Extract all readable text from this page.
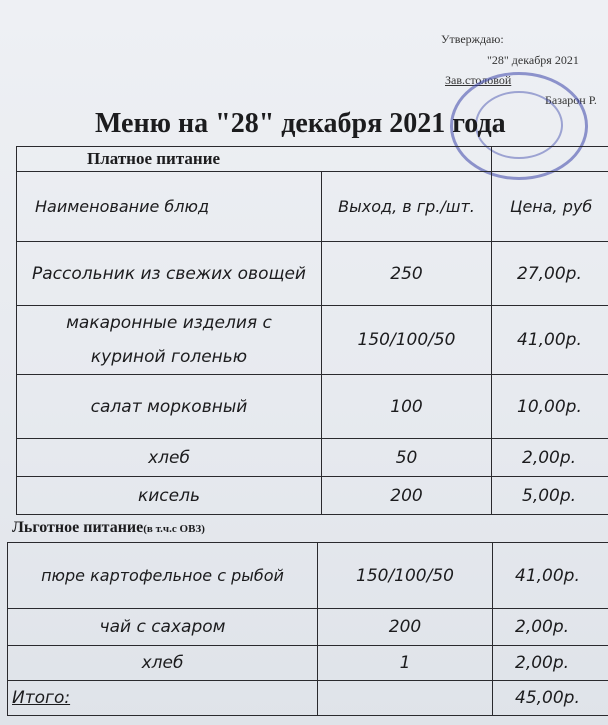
Утверждаю:
"28" декабря 2021
Зав.столовой
Базарон Р.
Меню на "28" декабря 2021 года
Платное питание		
Наименование блюд	Выход, в гр./шт.	Цена, руб
Рассольник из свежих овощей	250	27,00р.
макаронные изделия с куриной голенью	150/100/50	41,00р.
салат морковный	100	10,00р.
хлеб	50	2,00р.
кисель	200	5,00р.
Льготное питание(в т.ч.с ОВЗ)
пюре картофельное с рыбой	150/100/50	41,00р.
чай с сахаром	200	2,00р.
хлеб	1	2,00р.
Итого:		45,00р.
